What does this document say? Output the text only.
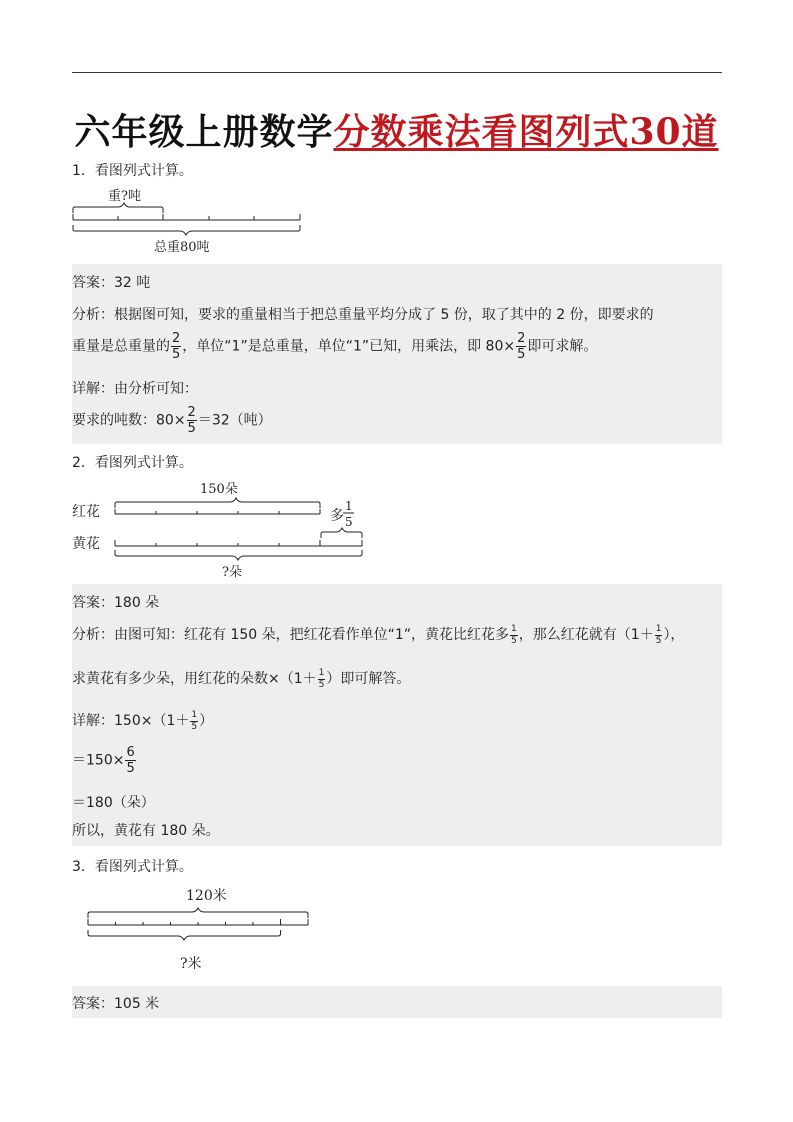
六年级上册数学分数乘法看图列式30道
1．看图列式计算。
重?吨
总重80吨
答案：32 吨
分析：根据图可知，要求的重量相当于把总重量平均分成了 5 份，取了其中的 2 份，即要求的
重量是总重量的 $\frac{2}{5}$ ，单位“1”是总重量，单位“1”已知，用乘法，即 $80\times \frac{2}{5}$ 即可求解。
详解：由分析可知：
要求的吨数：$80\times \frac{2}{5} =32$（吨）
2．看图列式计算。
150朵
红花
黄花
多
1
5
?朵
答案：180 朵
分析：由图可知：红花有 150 朵，把红花看作单位“1”，黄花比红花多 $\frac{1}{5}$ ，那么红花就有（$1+ \frac{1}{5}$ ），
求黄花有多少朵，用红花的朵数$\times(1+ \frac{1}{5}$ ）即可解答。
详解：$150\times(1+ \frac{1}{5}$ ）
$=150\times \frac{6}{5}$
＝180（朵）
所以，黄花有 180 朵。
3．看图列式计算。
120米
?米
答案：105 米
